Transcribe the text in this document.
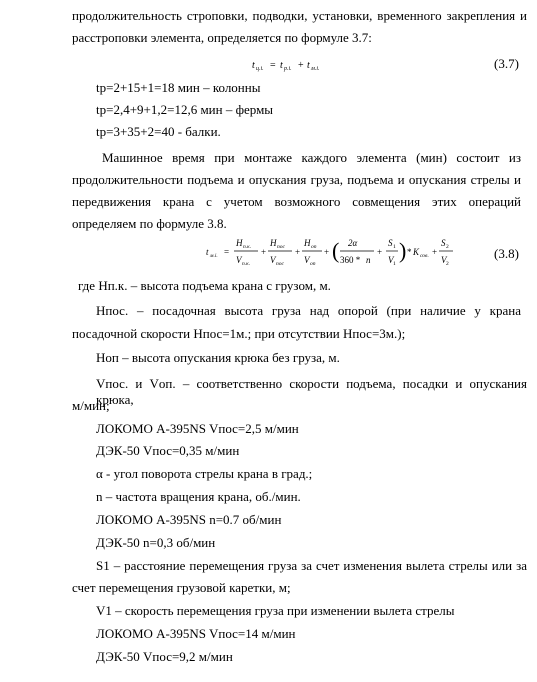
продолжительность строповки, подводки, установки, временного закрепления и
расстроповки элемента, определяется по формуле 3.7:
t ц.i. = t p.i. + t м.i.	(3.7)
tр=2+15+1=18 мин – колонны
tр=2,4+9+1,2=12,6 мин – фермы
tр=3+35+2=40 - балки.
Машинное время при монтаже каждого элемента (мин) состоит из
продолжительности подъема и опускания груза, подъема и опускания стрелы и
передвижения крана с учетом возможного совмещения этих операций
определяем по формуле 3.8.
t м.i. =
H п.к.
V п.к.
+
H пос
V пос
+
H оп
V оп
+ ( 2α
360 * n
+
S 1
V 1
) * K сов. +
S 2
V 2
(3.8)
где Нп.к. – высота подъема крана с грузом, м.
Нпос. – посадочная высота груза над опорой (при наличие у крана
посадочной скорости Нпос=1м.; при отсутствии Нпос=3м.);
Ноп – высота опускания крюка без груза, м.
Vпос. и Vоп. – соответственно скорости подъема, посадки и опускания крюка,
м/мин;
ЛОКОМО А-395NS Vпос=2,5 м/мин
ДЭК-50 Vпос=0,35 м/мин
α - угол поворота стрелы крана в град.;
n – частота вращения крана, об./мин.
ЛОКОМО А-395NS n=0.7 об/мин
ДЭК-50 n=0,3 об/мин
S1 – расстояние перемещения груза за счет изменения вылета стрелы или за
счет перемещения грузовой каретки, м;
V1 – скорость перемещения груза при изменении вылета стрелы
ЛОКОМО А-395NS Vпос=14 м/мин
ДЭК-50 Vпос=9,2 м/мин
